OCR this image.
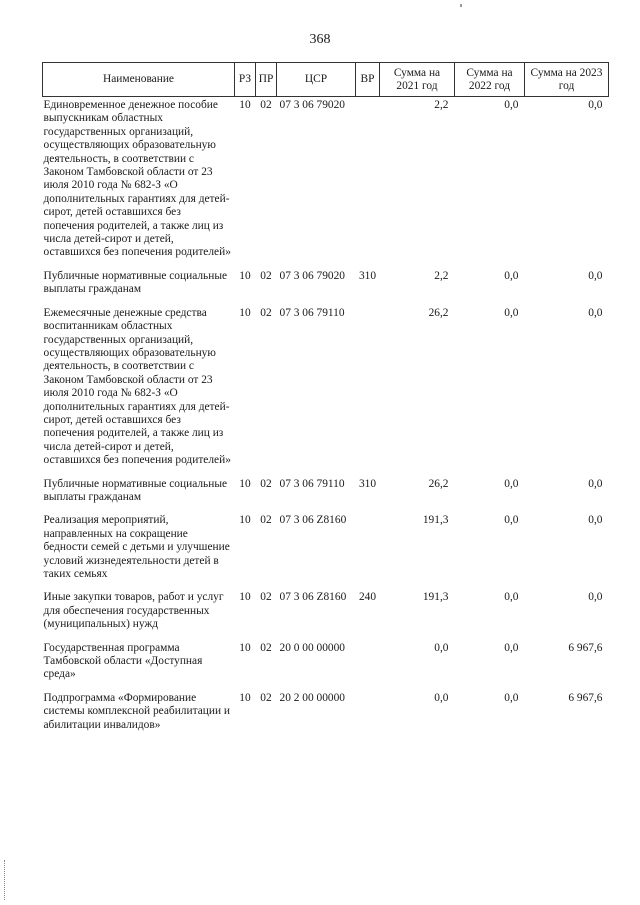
368
Наименование	РЗ	ПР	ЦСР	ВР	Сумма на 2021 год	Сумма на 2022 год	Сумма на 2023 год
Единовременное денежное пособие выпускникам областных государственных организаций, осуществляющих образовательную деятельность, в соответствии с Законом Тамбовской области от 23 июля 2010 года № 682-З «О дополнительных гарантиях для детей-сирот, детей оставшихся без попечения родителей, а также лиц из числа детей-сирот и детей, оставшихся без попечения родителей»	10	02	07 3 06 79020		2,2	0,0	0,0
Публичные нормативные социальные выплаты гражданам	10	02	07 3 06 79020	310	2,2	0,0	0,0
Ежемесячные денежные средства воспитанникам областных государственных организаций, осуществляющих образовательную деятельность, в соответствии с Законом Тамбовской области от 23 июля 2010 года № 682-З «О дополнительных гарантиях для детей-сирот, детей оставшихся без попечения родителей, а также лиц из числа детей-сирот и детей, оставшихся без попечения родителей»	10	02	07 3 06 79110		26,2	0,0	0,0
Публичные нормативные социальные выплаты гражданам	10	02	07 3 06 79110	310	26,2	0,0	0,0
Реализация мероприятий, направленных на сокращение бедности семей с детьми и улучшение условий жизнедеятельности детей в таких семьях	10	02	07 3 06 Z8160		191,3	0,0	0,0
Иные закупки товаров, работ и услуг для обеспечения государственных (муниципальных) нужд	10	02	07 3 06 Z8160	240	191,3	0,0	0,0
Государственная программа Тамбовской области «Доступная среда»	10	02	20 0 00 00000		0,0	0,0	6 967,6
Подпрограмма «Формирование системы комплексной реабилитации и абилитации инвалидов»	10	02	20 2 00 00000		0,0	0,0	6 967,6
